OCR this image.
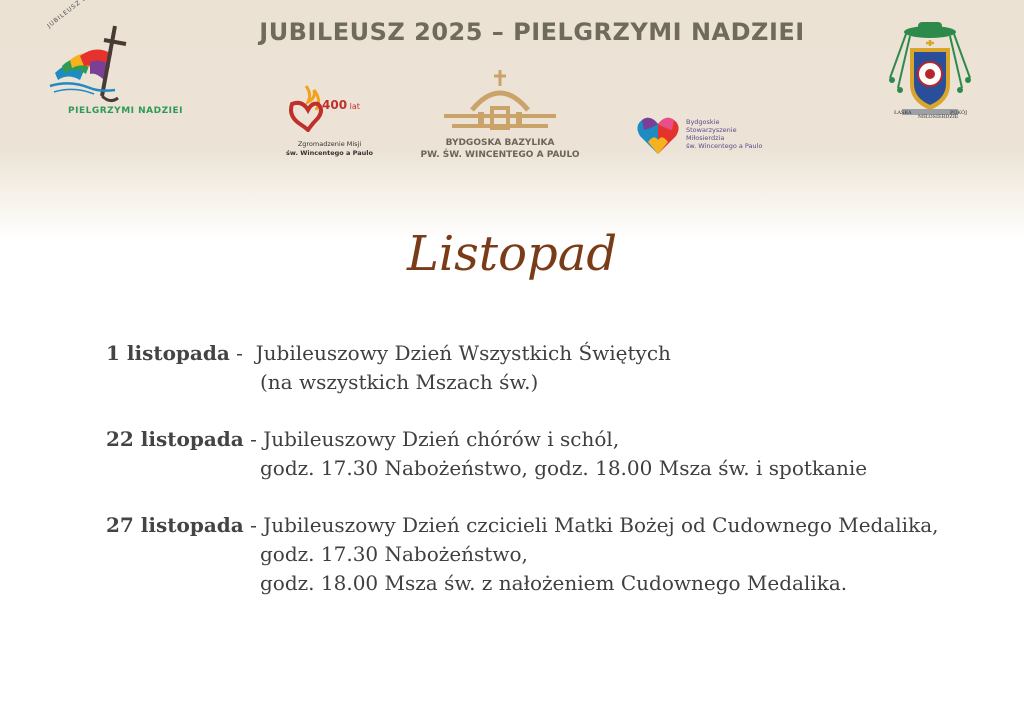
JUBILEUSZ 2025 – PIELGRZYMI NADZIEI
PIELGRZYMI NADZIEI	400 lat
Zgromadzenie Misji
św. Wincentego a Paulo
BYDGOSKA BAZYLIKA
PW. ŚW. WINCENTEGO A PAULO
Bydgoskie
Stowarzyszenie
Miłosierdzia
św. Wincentego a Paulo
ŁASKA
MIŁOSIERDZIE
POKÓJ
Listopad
1 listopada -  Jubileuszowy Dzień Wszystkich Świętych
(na wszystkich Mszach św.)
22 listopada - Jubileuszowy Dzień chórów i schól,
godz. 17.30 Nabożeństwo, godz. 18.00 Msza św. i spotkanie
27 listopada - Jubileuszowy Dzień czcicieli Matki Bożej od Cudownego Medalika,
godz. 17.30 Nabożeństwo,
godz. 18.00 Msza św. z nałożeniem Cudownego Medalika.
